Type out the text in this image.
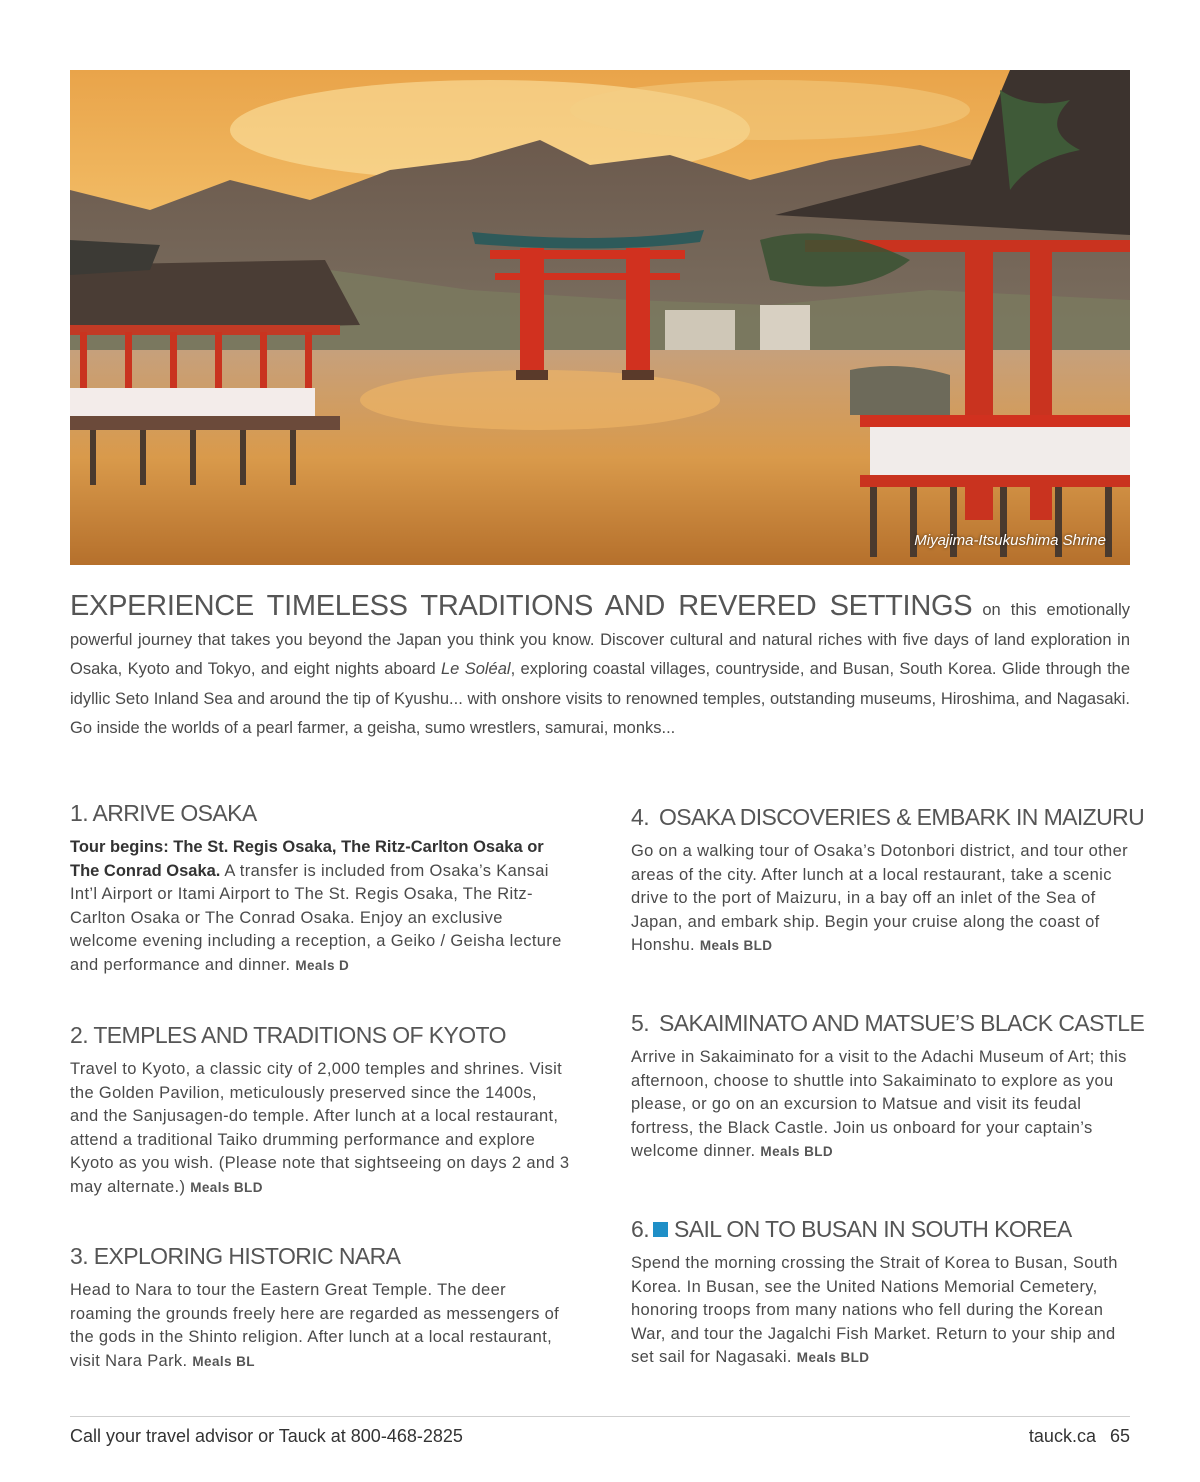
Miyajima-Itsukushima Shrine
EXPERIENCE TIMELESS TRADITIONS AND REVERED SETTINGS on this emotionally powerful journey that takes you beyond the Japan you think you know. Discover cultural and natural riches with five days of land exploration in Osaka, Kyoto and Tokyo, and eight nights aboard Le Soléal, exploring coastal villages, countryside, and Busan, South Korea. Glide through the idyllic Seto Inland Sea and around the tip of Kyushu... with onshore visits to renowned temples, outstanding museums, Hiroshima, and Nagasaki. Go inside the worlds of a pearl farmer, a geisha, sumo wrestlers, samurai, monks...
1. ARRIVE OSAKA

Tour begins: The St. Regis Osaka, The Ritz-Carlton Osaka or The Conrad Osaka. A transfer is included from Osaka’s Kansai Int’l Airport or Itami Airport to The St. Regis Osaka, The Ritz-Carlton Osaka or The Conrad Osaka. Enjoy an exclusive welcome evening including a reception, a Geiko / Geisha lecture and performance and dinner. Meals D

2. TEMPLES AND TRADITIONS OF KYOTO

Travel to Kyoto, a classic city of 2,000 temples and shrines. Visit the Golden Pavilion, meticulously preserved since the 1400s, and the Sanjusagen-do temple. After lunch at a local restaurant, attend a traditional Taiko drumming performance and explore Kyoto as you wish. (Please note that sightseeing on days 2 and 3 may alternate.) Meals BLD

3. EXPLORING HISTORIC NARA

Head to Nara to tour the Eastern Great Temple. The deer roaming the grounds freely here are regarded as messengers of the gods in the Shinto religion. After lunch at a local restaurant, visit Nara Park. Meals BL

4. OSAKA DISCOVERIES & EMBARK IN MAIZURU

Go on a walking tour of Osaka’s Dotonbori district, and tour other areas of the city. After lunch at a local restaurant, take a scenic drive to the port of Maizuru, in a bay off an inlet of the Sea of Japan, and embark ship. Begin your cruise along the coast of Honshu. Meals BLD

5. SAKAIMINATO AND MATSUE’S BLACK CASTLE

Arrive in Sakaiminato for a visit to the Adachi Museum of Art; this afternoon, choose to shuttle into Sakaiminato to explore as you please, or go on an excursion to Matsue and visit its feudal fortress, the Black Castle. Join us onboard for your captain’s welcome dinner. Meals BLD

6. SAIL ON TO BUSAN IN SOUTH KOREA

Spend the morning crossing the Strait of Korea to Busan, South Korea. In Busan, see the United Nations Memorial Cemetery, honoring troops from many nations who fell during the Korean War, and tour the Jagalchi Fish Market. Return to your ship and set sail for Nagasaki. Meals BLD

Call your travel advisor or Tauck at 800-468-2825	tauck.ca 65
